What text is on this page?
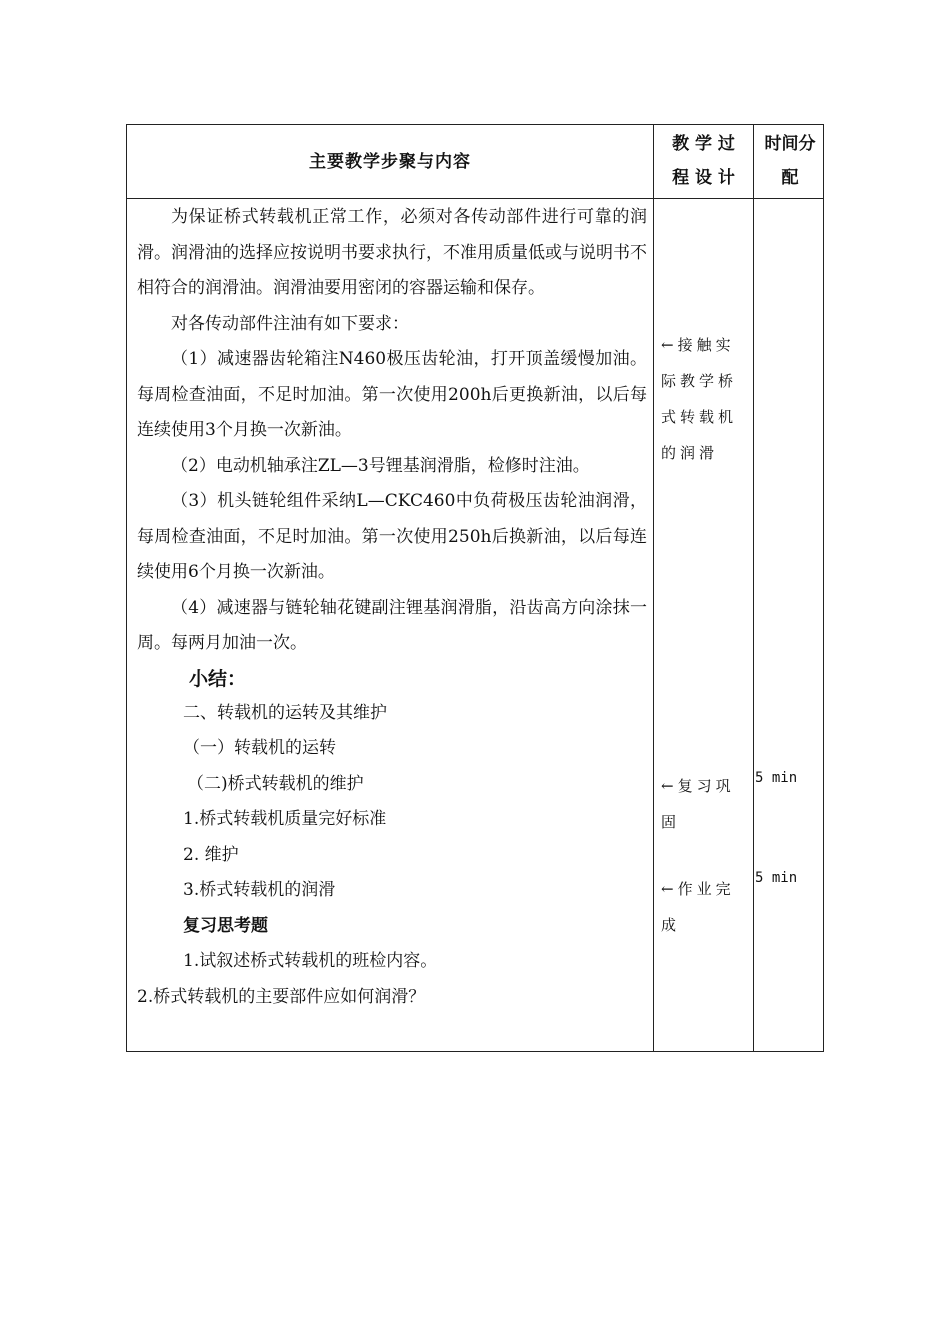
主要教学步聚与内容
教 学 过
程 设 计
时间分
配

为保证桥式转载机正常工作，必须对各传动部件进行可靠的润滑。润滑油的选择应按说明书要求执行，不准用质量低或与说明书不相符合的润滑油。润滑油要用密闭的容器运输和保存。

对各传动部件注油有如下要求：

（1）减速器齿轮箱注N460极压齿轮油，打开顶盖缓慢加油。每周检查油面，不足时加油。第一次使用200h后更换新油，以后每连续使用3个月换一次新油。

（2）电动机轴承注ZL—3号锂基润滑脂，检修时注油。

（3）机头链轮组件采纳L—CKC460中负荷极压齿轮油润滑，每周检查油面，不足时加油。第一次使用250h后换新油，以后每连续使用6个月换一次新油。

（4）减速器与链轮轴花键副注锂基润滑脂，沿齿高方向涂抹一周。每两月加油一次。

小结：

二、转载机的运转及其维护

（一）转载机的运转

（二)桥式转载机的维护

1.桥式转载机质量完好标准

2. 维护

3.桥式转载机的润滑

复习思考题

1.试叙述桥式转载机的班检内容。

2.桥式转载机的主要部件应如何润滑？

←接触实
际教学桥
式转载机
的润滑
←复习巩
固
←作业完
成
5 min
5 min
